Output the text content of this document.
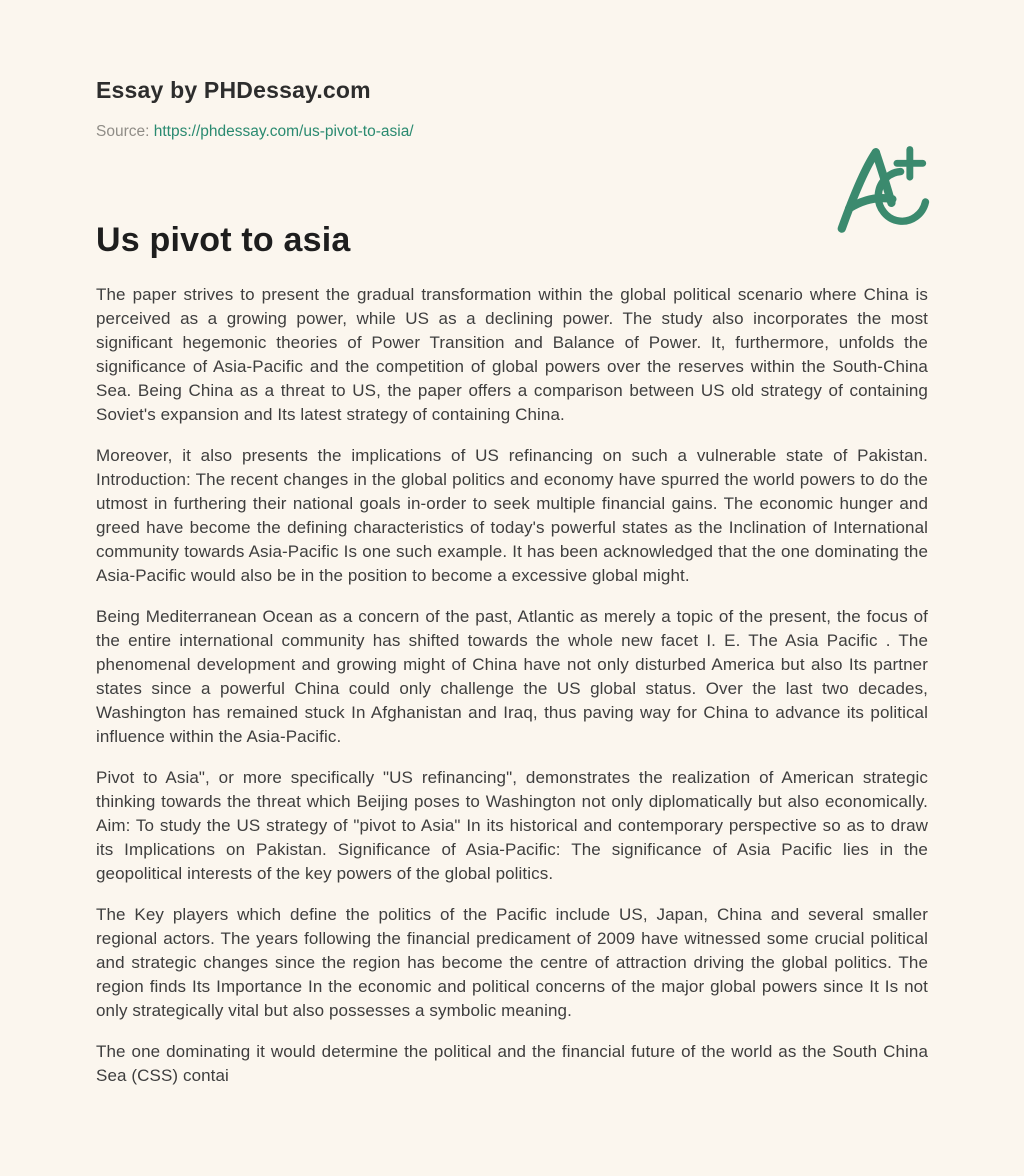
Essay by PHDessay.com
Source: https://phdessay.com/us-pivot-to-asia/
Us pivot to asia

The paper strives to present the gradual transformation within the global political scenario where China is perceived as a growing power, while US as a declining power. The study also incorporates the most significant hegemonic theories of Power Transition and Balance of Power. It, furthermore, unfolds the significance of Asia-Pacific and the competition of global powers over the reserves within the South-China Sea. Being China as a threat to US, the paper offers a comparison between US old strategy of containing Soviet's expansion and Its latest strategy of containing China.

Moreover, it also presents the implications of US refinancing on such a vulnerable state of Pakistan. Introduction: The recent changes in the global politics and economy have spurred the world powers to do the utmost in furthering their national goals in-order to seek multiple financial gains. The economic hunger and greed have become the defining characteristics of today's powerful states as the Inclination of International community towards Asia-Pacific Is one such example. It has been acknowledged that the one dominating the Asia-Pacific would also be in the position to become a excessive global might.

Being Mediterranean Ocean as a concern of the past, Atlantic as merely a topic of the present, the focus of the entire international community has shifted towards the whole new facet I. E. The Asia Pacific . The phenomenal development and growing might of China have not only disturbed America but also Its partner states since a powerful China could only challenge the US global status. Over the last two decades, Washington has remained stuck In Afghanistan and Iraq, thus paving way for China to advance its political influence within the Asia-Pacific.

Pivot to Asia", or more specifically "US refinancing", demonstrates the realization of American strategic thinking towards the threat which Beijing poses to Washington not only diplomatically but also economically. Aim: To study the US strategy of "pivot to Asia" In its historical and contemporary perspective so as to draw its Implications on Pakistan. Significance of Asia-Pacific: The significance of Asia Pacific lies in the geopolitical interests of the key powers of the global politics.

The Key players which define the politics of the Pacific include US, Japan, China and several smaller regional actors. The years following the financial predicament of 2009 have witnessed some crucial political and strategic changes since the region has become the centre of attraction driving the global politics. The region finds Its Importance In the economic and political concerns of the major global powers since It Is not only strategically vital but also possesses a symbolic meaning.

The one dominating it would determine the political and the financial future of the world as the South China Sea (CSS) contai
